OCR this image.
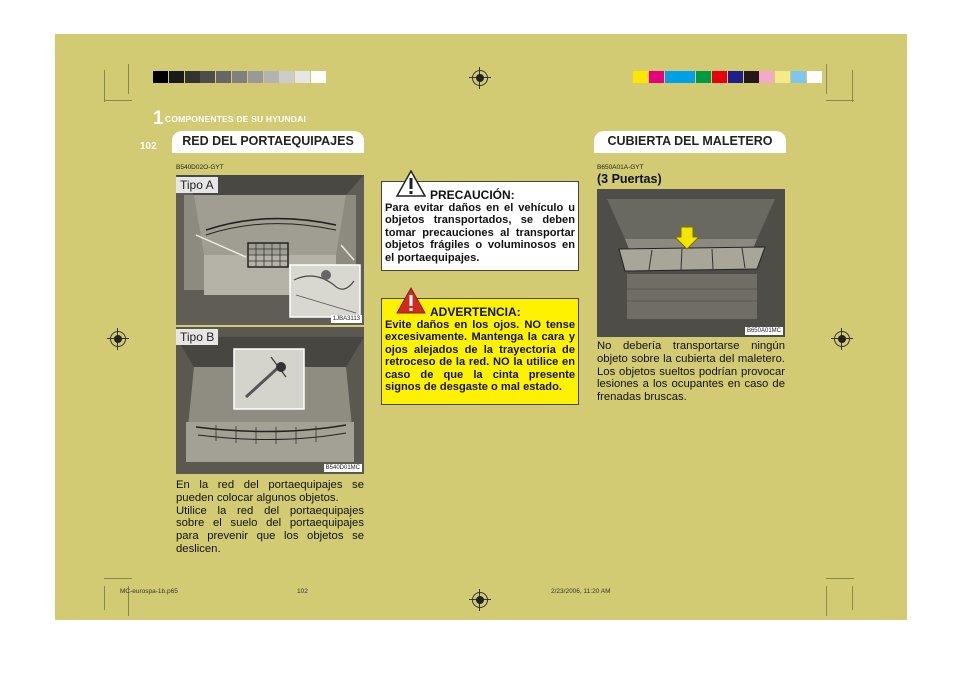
1 COMPONENTES DE SU HYUNDAI
102	RED DEL PORTAEQUIPAJES	CUBIERTA DEL MALETERO
B540D02O-GYT
Tipo A
1JBA3113
Tipo B
B540D01MC
En la red del portaequipajes se pueden colocar algunos objetos.
Utilice la red del portaequipajes sobre el suelo del portaequipajes para prevenir que los objetos se deslicen.
PRECAUCIÓN:
Para evitar daños en el vehículo u objetos transportados, se deben tomar precauciones al transportar objetos frágiles o voluminosos en el portaequipajes.
ADVERTENCIA:
Evite daños en los ojos. NO tense excesivamente. Mantenga la cara y ojos alejados de la trayectoria de retroceso de la red. NO la utilice en caso de que la cinta presente signos de desgaste o mal estado.
B650A01A-GYT
(3 Puertas)
B650A01MC
No debería transportarse ningún objeto sobre la cubierta del maletero. Los objetos sueltos podrían provocar lesiones a los ocupantes en caso de frenadas bruscas.
MC-eurospa-1b.p65	102	2/23/2006, 11:20 AM
